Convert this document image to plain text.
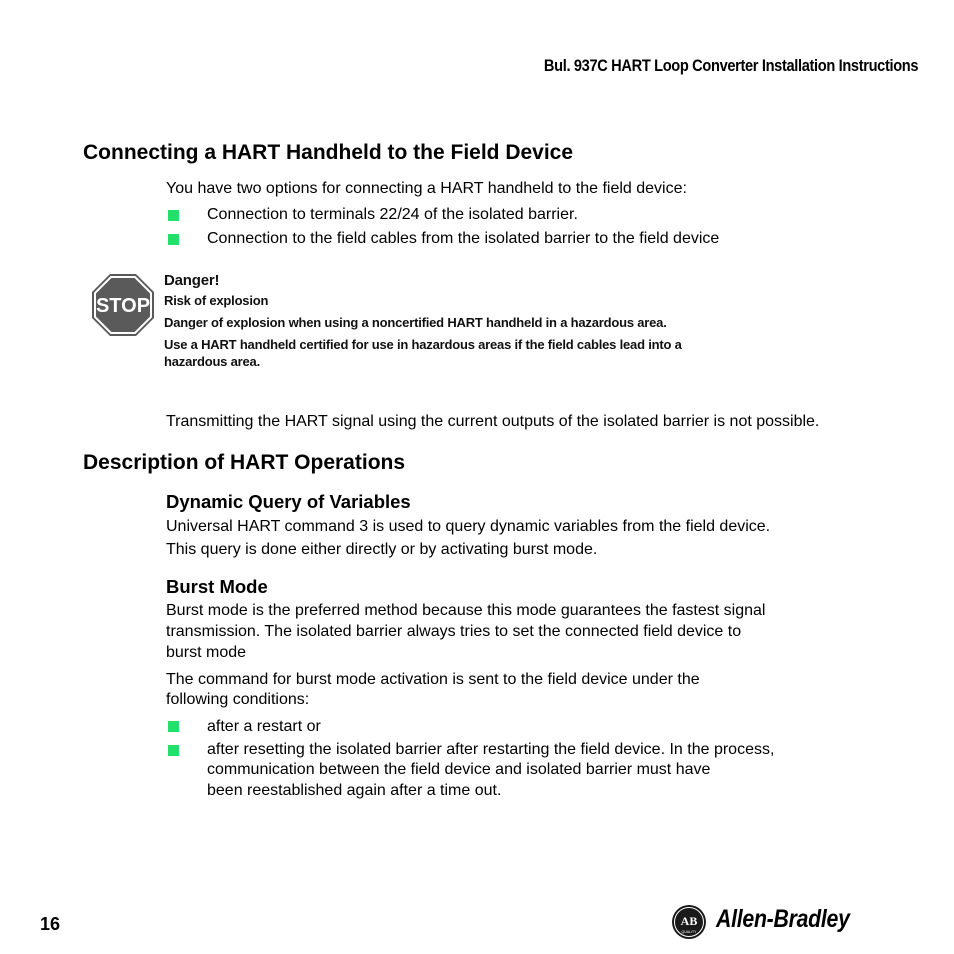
Bul. 937C HART Loop Converter Installation Instructions
Connecting a HART Handheld to the Field Device
You have two options for connecting a HART handheld to the field device:
Connection to terminals 22/24 of the isolated barrier.
Connection to the field cables from the isolated barrier to the field device
STOP
Danger!
Risk of explosion
Danger of explosion when using a noncertified HART handheld in a hazardous area.
Use a HART handheld certified for use in hazardous areas if the field cables lead into a
hazardous area.
Transmitting the HART signal using the current outputs of the isolated barrier is not possible.
Description of HART Operations
Dynamic Query of Variables
Universal HART command 3 is used to query dynamic variables from the field device.
This query is done either directly or by activating burst mode.
Burst Mode
Burst mode is the preferred method because this mode guarantees the fastest signal
transmission. The isolated barrier always tries to set the connected field device to
burst mode
The command for burst mode activation is sent to the field device under the
following conditions:
after a restart or
after resetting the isolated barrier after restarting the field device. In the process,
communication between the field device and isolated barrier must have
been reestablished again after a time out.
16	AB
QUALITY Allen-Bradley
